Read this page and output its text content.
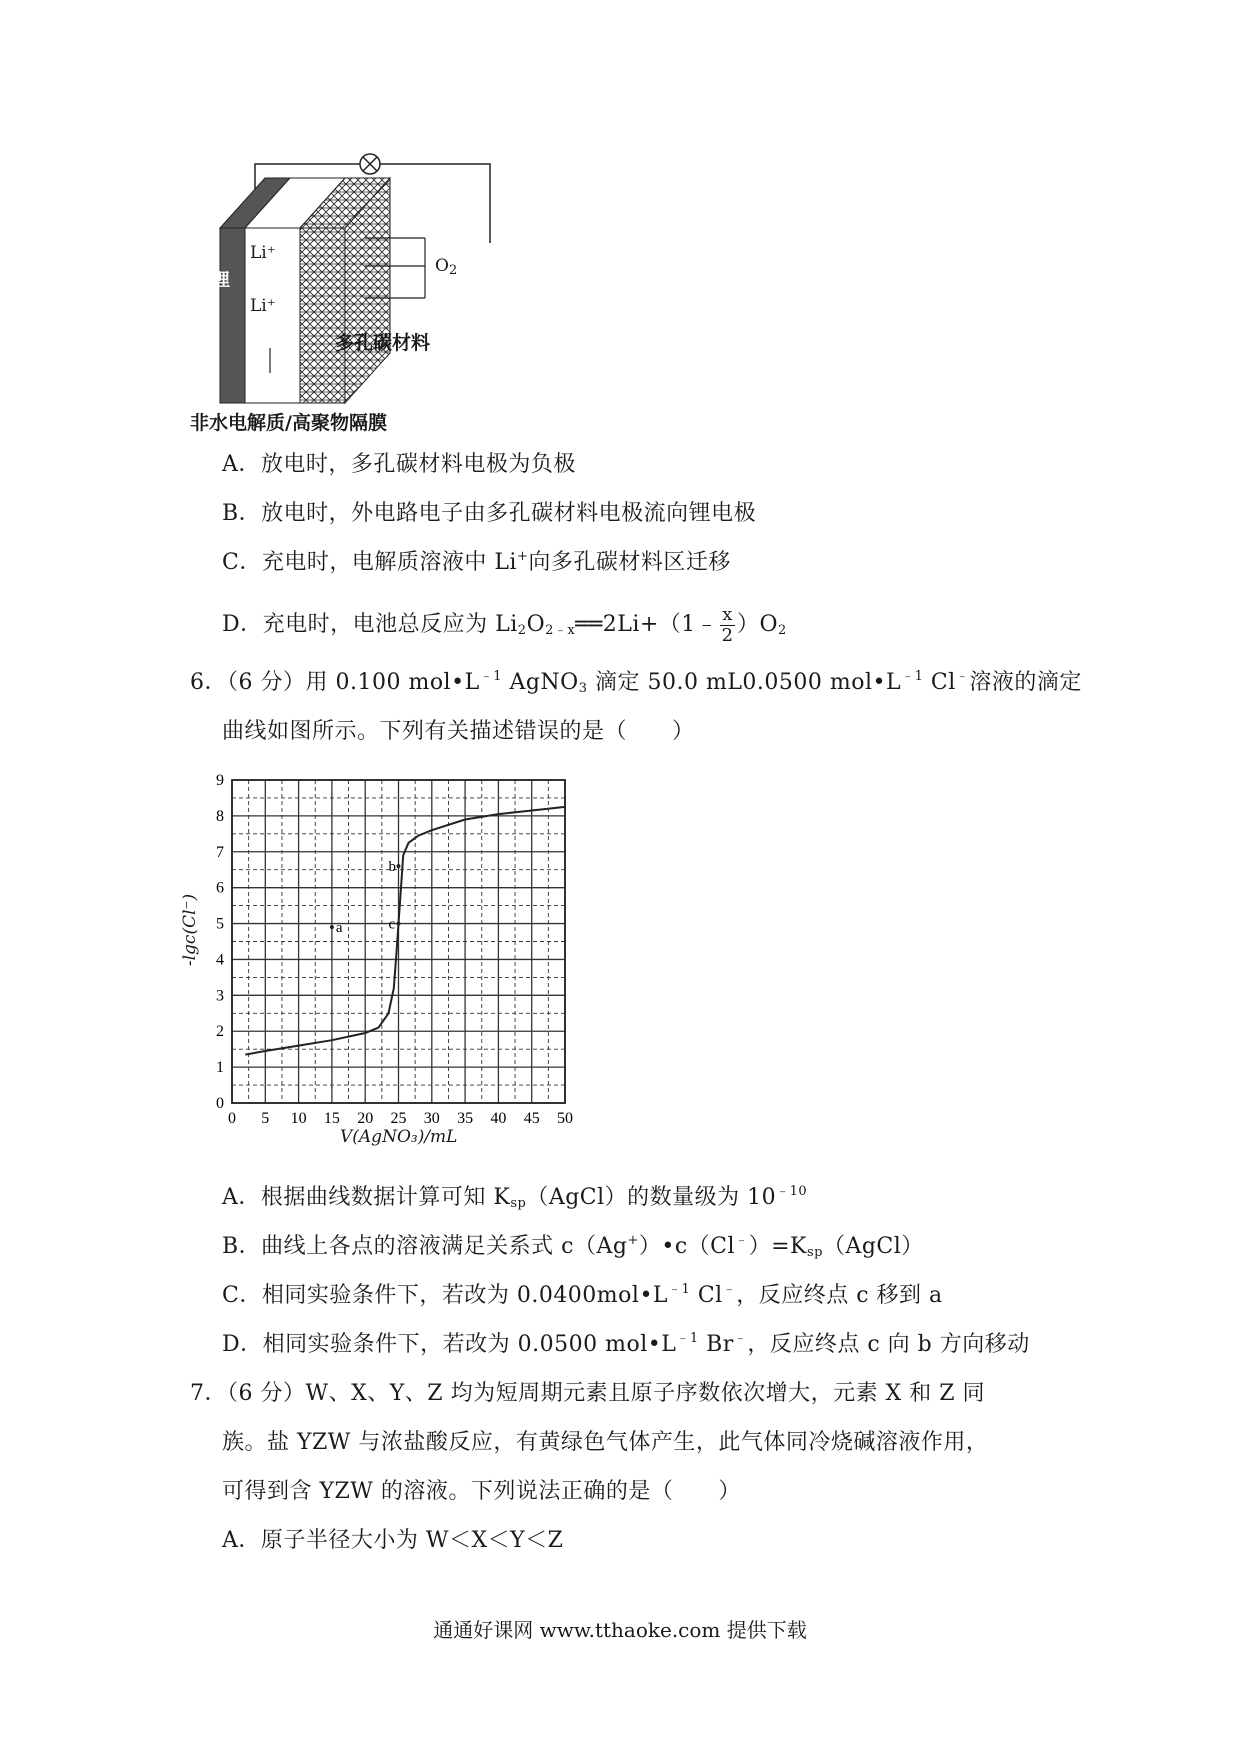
锂
Li⁺
Li⁺
$O_2$
多孔碳材料
非水电解质/高聚物隔膜
A．放电时，多孔碳材料电极为负极
B．放电时，外电路电子由多孔碳材料电极流向锂电极
C．充电时，电解质溶液中 Li+向多孔碳材料区迁移
D．充电时，电池总反应为 $Li_2O_{2﹣x}══2Li+(1﹣ \frac{x}{2} )O_2$
6．（6 分）用 0.100 $mol•L^{﹣1}$ AgNO$_3$ 滴定 50.0 mL0.0500 $mol•L^{﹣1}$ Cl﹣溶液的滴定
曲线如图所示。下列有关描述错误的是（　　）
0 5 10 15 20 25 30 35 40 45 50
0
1
2
3
4
5
6
7
8
9
a
b
c
-lgc(Cl⁻)
V(AgNO₃)/mL
A．根据曲线数据计算可知 $K_{sp}(AgCl)$的数量级为 $10^{﹣10}$
B．曲线上各点的溶液满足关系式 $c(Ag^+)•c(Cl^﹣)=K_{sp}(AgCl)$
C．相同实验条件下，若改为 $0.0400mol•L^{﹣1}$ Cl﹣，反应终点 c 移到 a
D．相同实验条件下，若改为 0.0500 $mol•L^{﹣1}$ Br﹣，反应终点 c 向 b 方向移动
7．（6 分）W、X、Y、Z 均为短周期元素且原子序数依次增大，元素 X 和 Z 同
族。盐 YZW 与浓盐酸反应，有黄绿色气体产生，此气体同冷烧碱溶液作用，
可得到含 YZW 的溶液。下列说法正确的是（　　）
A．原子半径大小为 W＜X＜Y＜Z
通通好课网 www.tthaoke.com 提供下载
